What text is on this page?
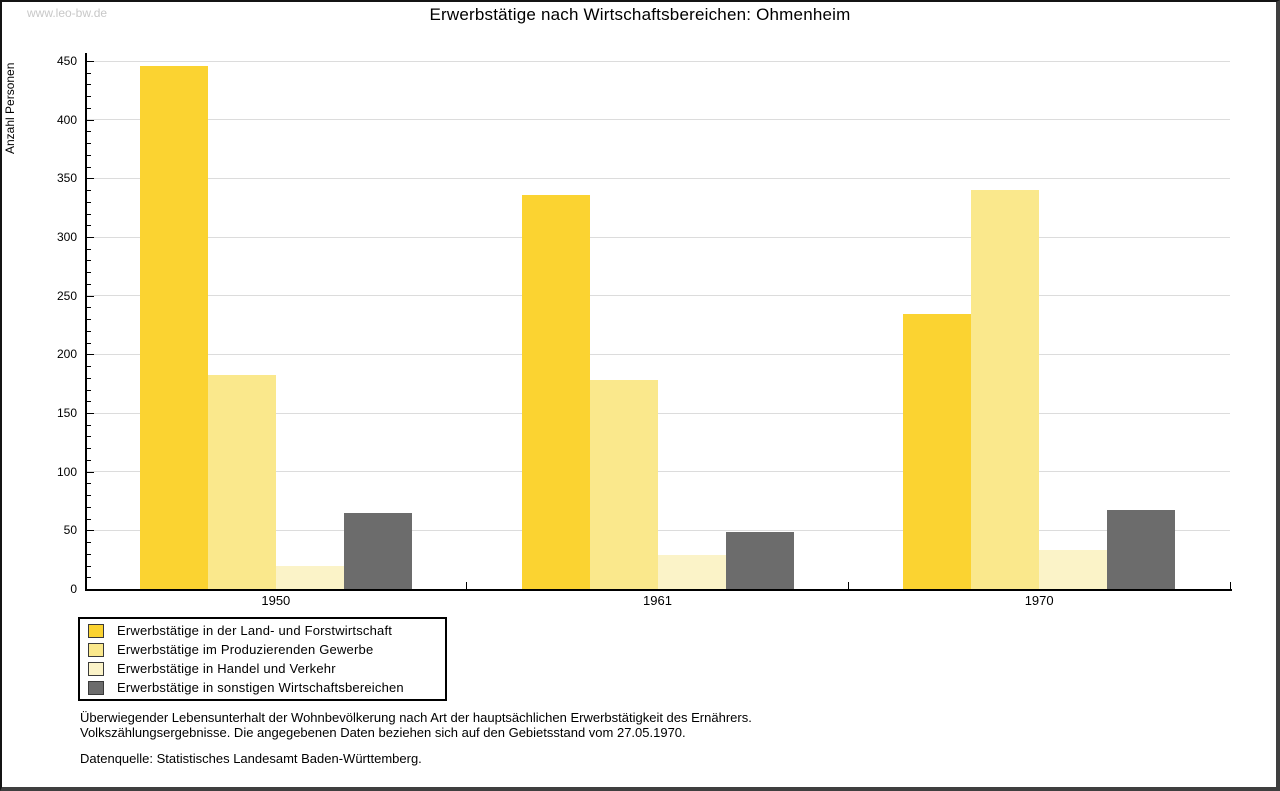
www.leo-bw.de	Erwerbstätige nach Wirtschaftsbereichen: Ohmenheim
Anzahl Personen
1950	1961	1970
0
50
100
150
200
250
300
350
400
450
Erwerbstätige in der Land- und Forstwirtschaft
Erwerbstätige im Produzierenden Gewerbe
Erwerbstätige in Handel und Verkehr
Erwerbstätige in sonstigen Wirtschaftsbereichen
Überwiegender Lebensunterhalt der Wohnbevölkerung nach Art der hauptsächlichen Erwerbstätigkeit des Ernährers.
Volkszählungsergebnisse. Die angegebenen Daten beziehen sich auf den Gebietsstand vom 27.05.1970.
Datenquelle: Statistisches Landesamt Baden-Württemberg.
